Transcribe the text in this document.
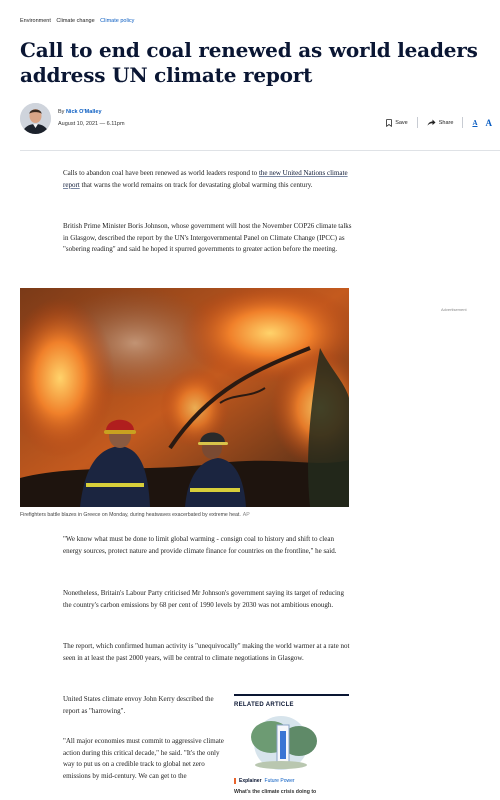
Environment Climate change Climate policy
Call to end coal renewed as world leaders address UN climate report
By Nick O'Malley
August 10, 2021 — 6.11pm	Save	Share	A A

Calls to abandon coal have been renewed as world leaders respond to the new United Nations climate report that warns the world remains on track for devastating global warming this century.

British Prime Minister Boris Johnson, whose government will host the November COP26 climate talks in Glasgow, described the report by the UN's Intergovernmental Panel on Climate Change (IPCC) as "sobering reading" and said he hoped it spurred governments to greater action before the meeting.

Firefighters battle blazes in Greece on Monday, during heatwaves exacerbated by extreme heat. AP
Advertisement

"We know what must be done to limit global warming - consign coal to history and shift to clean energy sources, protect nature and provide climate finance for countries on the frontline," he said.

Nonetheless, Britain's Labour Party criticised Mr Johnson's government saying its target of reducing the country's carbon emissions by 68 per cent of 1990 levels by 2030 was not ambitious enough.

The report, which confirmed human activity is "unequivocally" making the world warmer at a rate not seen in at least the past 2000 years, will be central to climate negotiations in Glasgow.

United States climate envoy John Kerry described the report as "harrowing".

"All major economies must commit to aggressive climate action during this critical decade," he said. "It's the only way to put us on a credible track to global net zero emissions by mid-century. We can get to the

RELATED ARTICLE
Explainer Future Power
What's the climate crisis doing to
